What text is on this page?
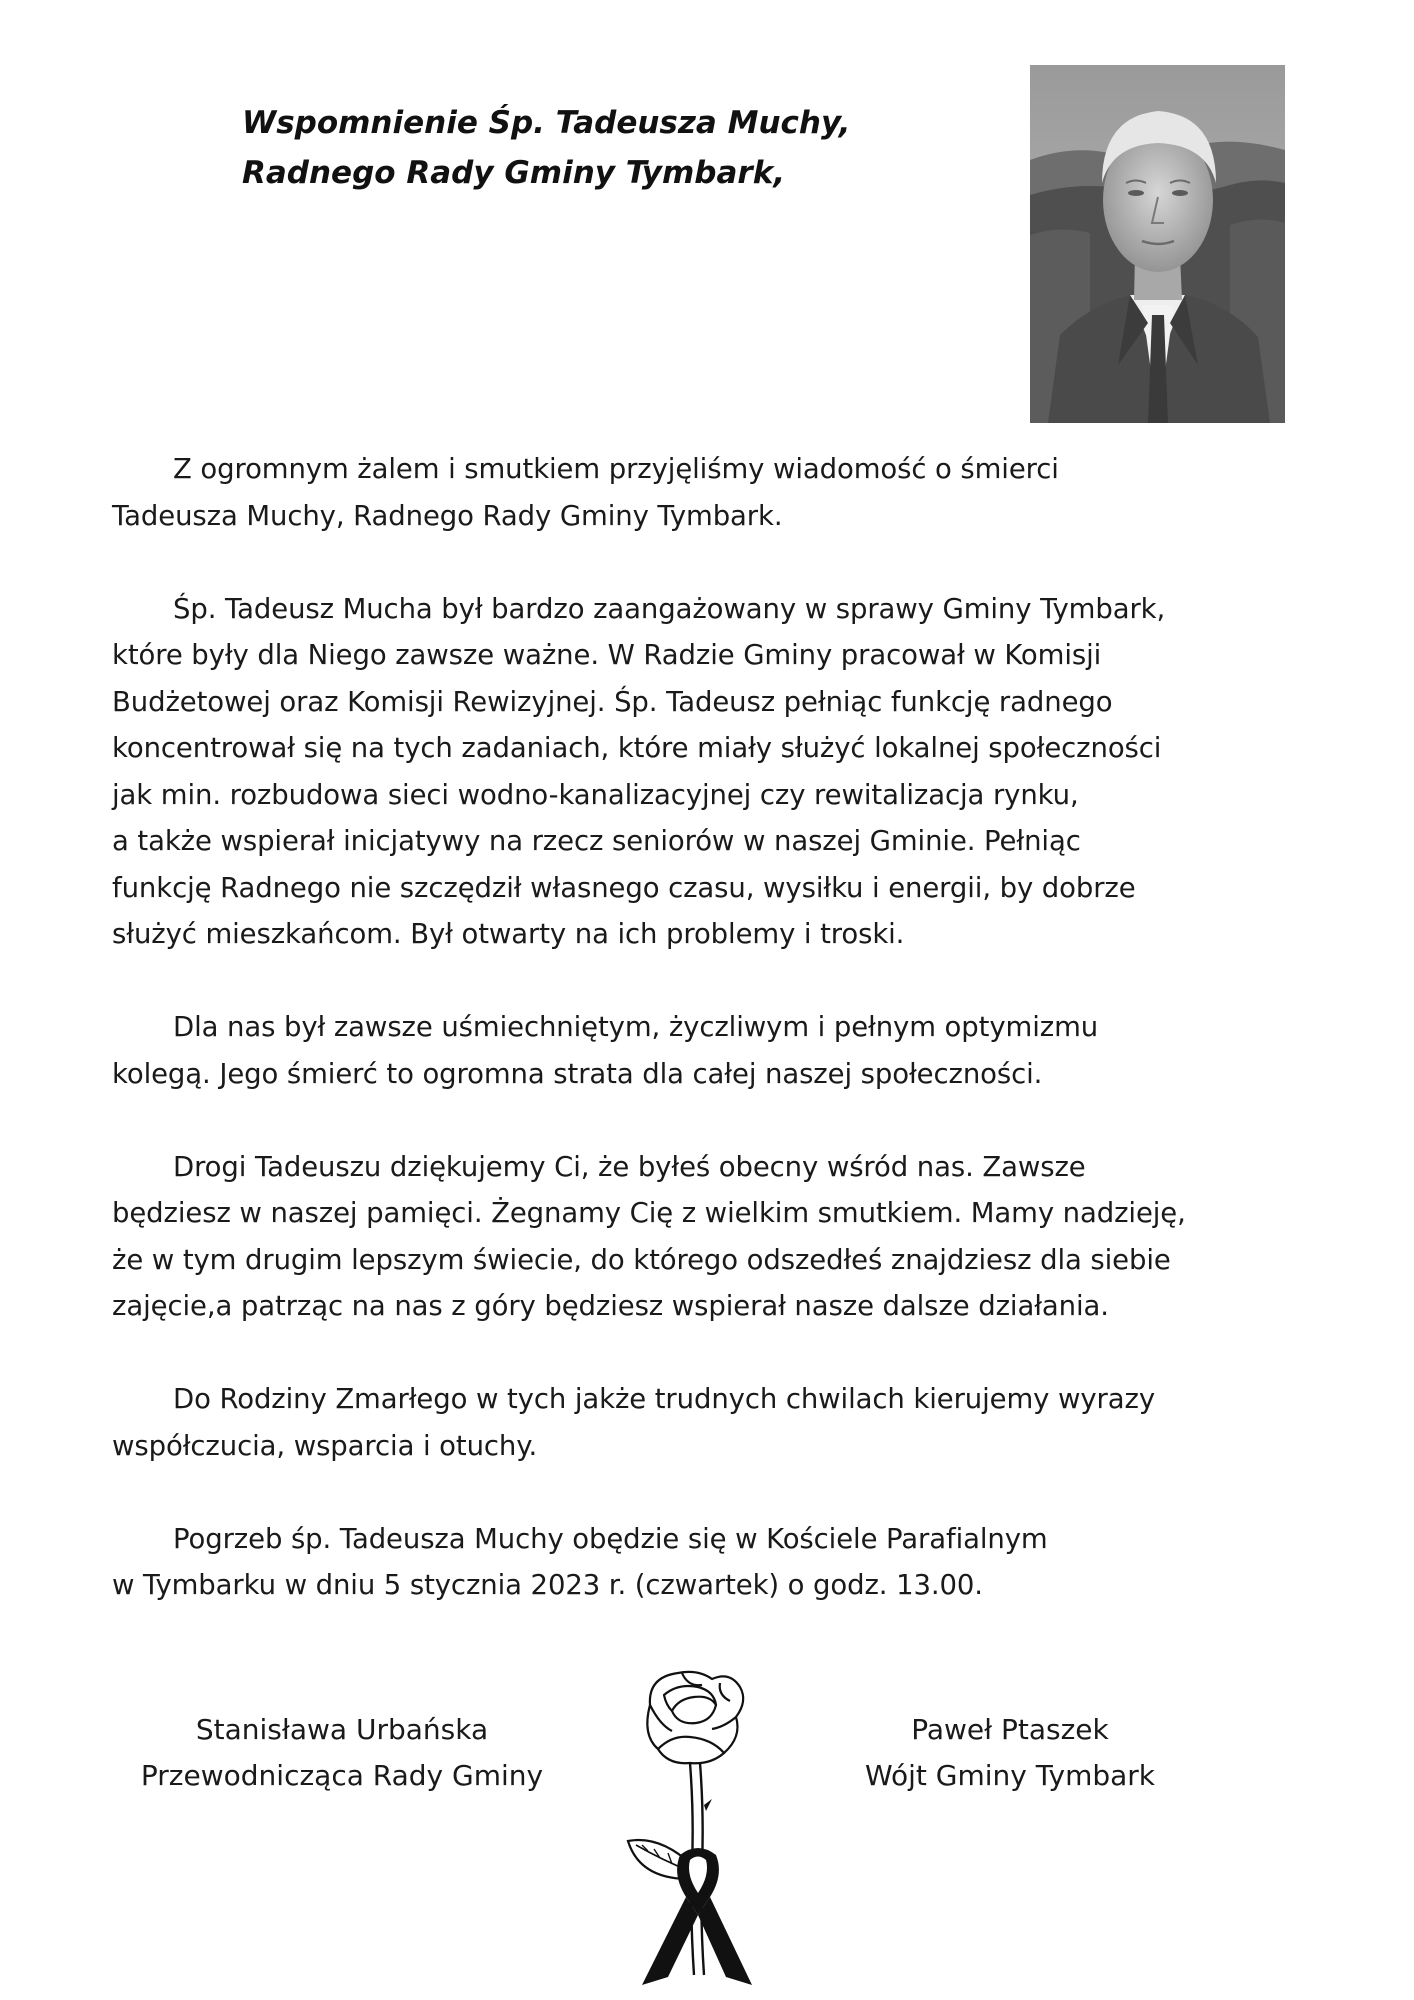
Wspomnienie Śp. Tadeusza Muchy,
Radnego Rady Gminy Tymbark,
Z ogromnym żalem i smutkiem przyjęliśmy wiadomość o śmierci
Tadeusza Muchy, Radnego Rady Gminy Tymbark.
Śp. Tadeusz Mucha był bardzo zaangażowany w sprawy Gminy Tymbark,
które były dla Niego zawsze ważne. W Radzie Gminy pracował w Komisji
Budżetowej oraz Komisji Rewizyjnej. Śp. Tadeusz pełniąc funkcję radnego
koncentrował się na tych zadaniach, które miały służyć lokalnej społeczności
jak min. rozbudowa sieci wodno-kanalizacyjnej czy rewitalizacja rynku,
a także wspierał inicjatywy na rzecz seniorów w naszej Gminie. Pełniąc
funkcję Radnego nie szczędził własnego czasu, wysiłku i energii, by dobrze
służyć mieszkańcom. Był otwarty na ich problemy i troski.
Dla nas był zawsze uśmiechniętym, życzliwym i pełnym optymizmu
kolegą. Jego śmierć to ogromna strata dla całej naszej społeczności.
Drogi Tadeuszu dziękujemy Ci, że byłeś obecny wśród nas. Zawsze
będziesz w naszej pamięci. Żegnamy Cię z wielkim smutkiem. Mamy nadzieję,
że w tym drugim lepszym świecie, do którego odszedłeś znajdziesz dla siebie
zajęcie,a patrząc na nas z góry będziesz wspierał nasze dalsze działania.
Do Rodziny Zmarłego w tych jakże trudnych chwilach kierujemy wyrazy
współczucia, wsparcia i otuchy.
Pogrzeb śp. Tadeusza Muchy obędzie się w Kościele Parafialnym
w Tymbarku w dniu 5 stycznia 2023 r. (czwartek) o godz. 13.00.
Stanisława Urbańska
Przewodnicząca Rady Gminy
Paweł Ptaszek
Wójt Gminy Tymbark
